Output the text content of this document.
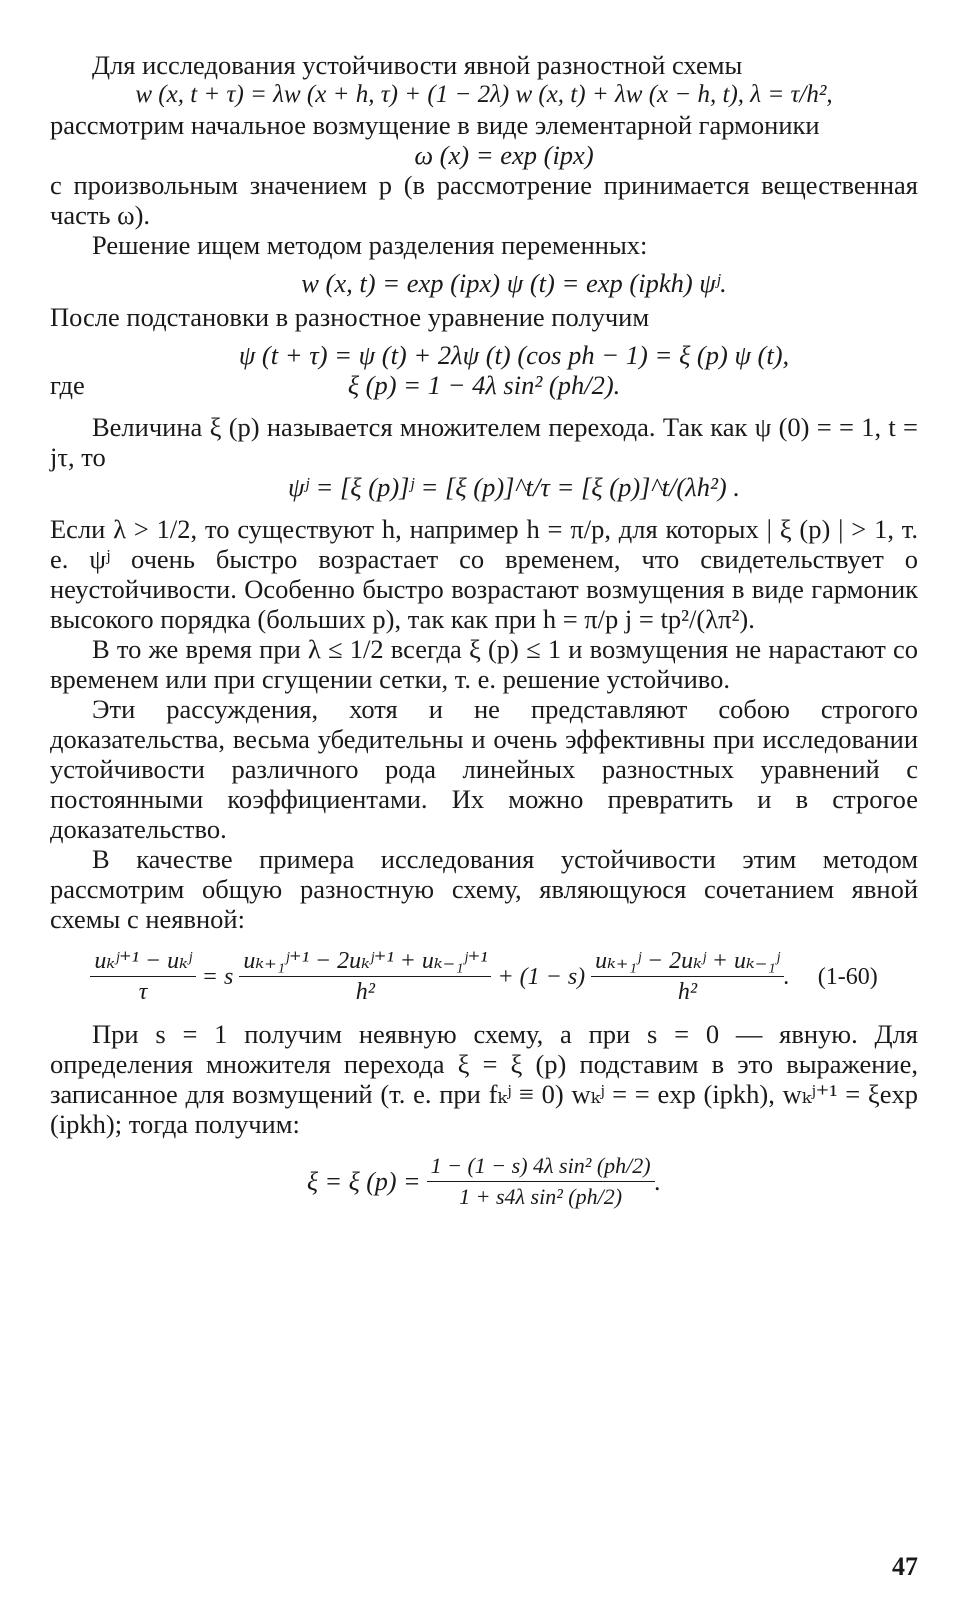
Для исследования устойчивости явной разностной схемы

w (x, t + τ) = λw (x + h, τ) + (1 − 2λ) w (x, t) + λw (x − h, t), λ = τ/h²,

рассмотрим начальное возмущение в виде элементарной гармоники

ω (x) = exp (ipx)

с произвольным значением p (в рассмотрение принимается вещественная часть ω).

Решение ищем методом разделения переменных:

w (x, t) = exp (ipx) ψ (t) = exp (ipkh) ψʲ.

После подстановки в разностное уравнение получим

ψ (t + τ) = ψ (t) + 2λψ (t) (cos ph − 1) = ξ (p) ψ (t),
где	ξ (p) = 1 − 4λ sin² (ph/2).

Величина ξ (p) называется множителем перехода. Так как ψ (0) = = 1, t = jτ, то

ψʲ = [ξ (p)]ʲ = [ξ (p)]^t/τ = [ξ (p)]^t/(λh²) .

Если λ > 1/2, то существуют h, например h = π/p, для которых | ξ (p) | > 1, т. е. ψʲ очень быстро возрастает со временем, что свидетельствует о неустойчивости. Особенно быстро возрастают возмущения в виде гармоник высокого порядка (больших p), так как при h = π/p j = tp²/(λπ²).

В то же время при λ ≤ 1/2 всегда ξ (p) ≤ 1 и возмущения не нарастают со временем или при сгущении сетки, т. е. решение устойчиво.

Эти рассуждения, хотя и не представляют собою строгого доказательства, весьма убедительны и очень эффективны при исследовании устойчивости различного рода линейных разностных уравнений с постоянными коэффициентами. Их можно превратить и в строгое доказательство.

В качестве примера исследования устойчивости этим методом рассмотрим общую разностную схему, являющуюся сочетанием явной схемы с неявной:

$\frac{\text{uₖʲ⁺¹ − uₖʲ}}{\tau} = s \frac{\text{uₖ₊₁ʲ⁺¹ − 2uₖʲ⁺¹ + uₖ₋₁ʲ⁺¹}}{\text{h²}} + (1 - s) \frac{\text{uₖ₊₁ʲ − 2uₖʲ + uₖ₋₁ʲ}}{\text{h²}}$ . (1-60)

При s = 1 получим неявную схему, а при s = 0 — явную. Для определения множителя перехода ξ = ξ (p) подставим в это выражение, записанное для возмущений (т. е. при fₖʲ ≡ 0) wₖʲ = = exp (ipkh), wₖʲ⁺¹ = ξexp (ipkh); тогда получим:

ξ = ξ $(p) = \frac{\text{1 − (1 − s) 4λ sin² (ph/2)}}{\text{1 + s4λ sin² (ph/2)}}$ .
47
